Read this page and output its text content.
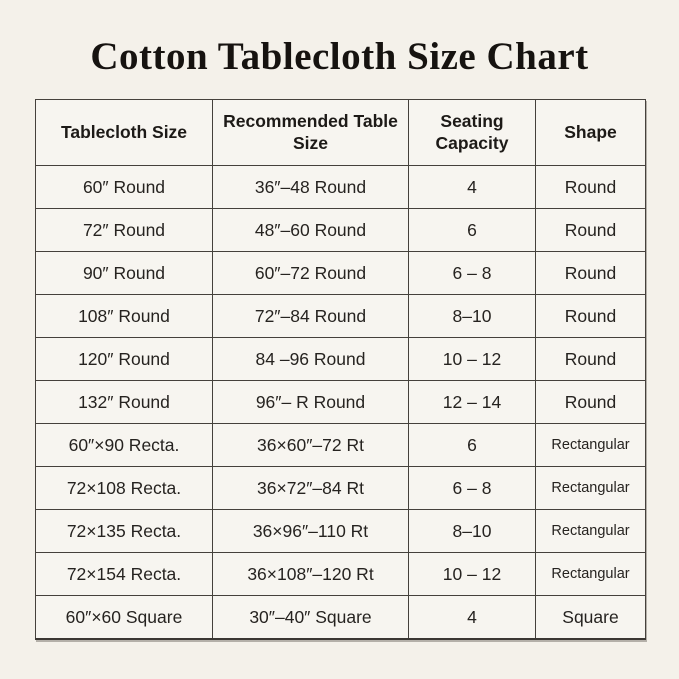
Cotton Tablecloth Size Chart
Tablecloth Size	Recommended Table Size	Seating Capacity	Shape
60″ Round	36″–48 Round	4	Round
72″ Round	48″–60 Round	6	Round
90″ Round	60″–72 Round	6 – 8	Round
108″ Round	72″–84 Round	8–10	Round
120″ Round	84 –96 Round	10 – 12	Round
132″ Round	96″– R Round	12 – 14	Round
60″×90 Recta.	36×60″–72 Rt	6	Rectangular
72×108 Recta.	36×72″–84 Rt	6 – 8	Rectangular
72×135 Recta.	36×96″–110 Rt	8–10	Rectangular
72×154 Recta.	36×108″–120 Rt	10 – 12	Rectangular
60″×60 Square	30″–40″ Square	4	Square
